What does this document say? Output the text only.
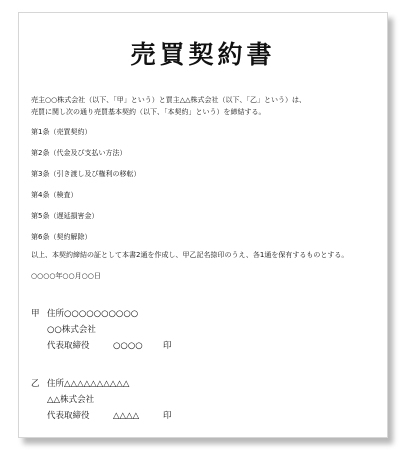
売買契約書
売主○○株式会社（以下、「甲」という）と買主△△株式会社（以下、「乙」という）は、
売買に関し次の通り売買基本契約（以下、「本契約」という）を締結する。
第1条（売買契約）
第2条（代金及び支払い方法）
第3条（引き渡し及び権利の移転）
第4条（検査）
第5条（遅延損害金）
第6条（契約解除）
以上、本契約締結の証として本書2通を作成し、甲乙記名捺印のうえ、各1通を保有するものとする。
○○○○年○○月○○日
甲 住所○○○○○○○○○○
○○株式会社
代表取締役	○○○○ 印
乙 住所△△△△△△△△△△
△△株式会社
代表取締役	△△△△	印
